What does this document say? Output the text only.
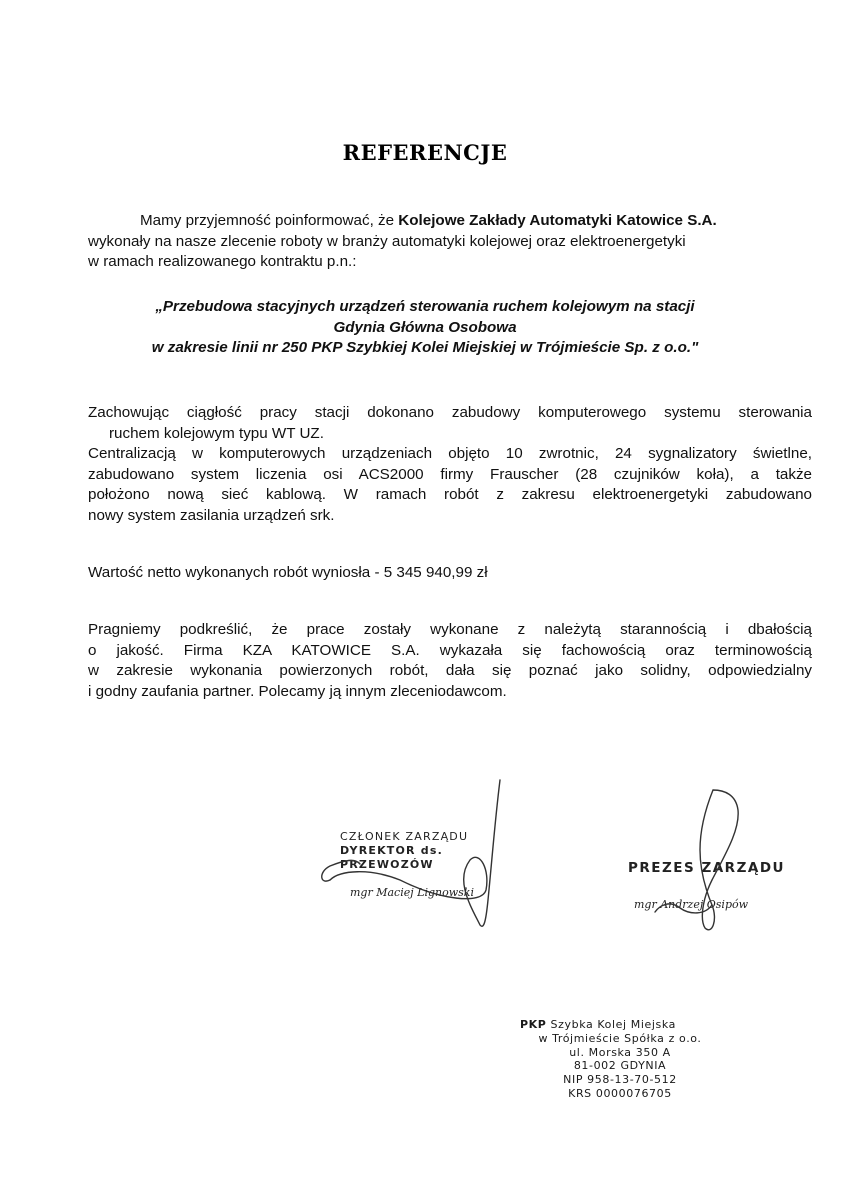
REFERENCJE
Mamy przyjemność poinformować, że Kolejowe Zakłady Automatyki Katowice S.A.
wykonały na nasze zlecenie roboty w branży automatyki kolejowej oraz elektroenergetyki
w ramach realizowanego kontraktu p.n.:
„Przebudowa stacyjnych urządzeń sterowania ruchem kolejowym na stacji
Gdynia Główna Osobowa
w zakresie linii nr 250 PKP Szybkiej Kolei Miejskiej w Trójmieście Sp. z o.o."
Zachowując ciągłość pracy stacji dokonano zabudowy komputerowego systemu sterowania
ruchem kolejowym typu WT UZ.
Centralizacją w komputerowych urządzeniach objęto 10 zwrotnic, 24 sygnalizatory świetlne,
zabudowano system liczenia osi ACS2000 firmy Frauscher (28 czujników koła), a także
położono nową sieć kablową. W ramach robót z zakresu elektroenergetyki zabudowano
nowy system zasilania urządzeń srk.
Wartość netto wykonanych robót wyniosła - 5 345 940,99 zł
Pragniemy podkreślić, że prace zostały wykonane z należytą starannością i dbałością
o jakość. Firma KZA KATOWICE S.A. wykazała się fachowością oraz terminowością
w zakresie wykonania powierzonych robót, dała się poznać jako solidny, odpowiedzialny
i godny zaufania partner. Polecamy ją innym zleceniodawcom.
CZŁONEK ZARZĄDU
DYREKTOR ds. PRZEWOZÓW
mgr Maciej Lignowski
PREZES ZARZĄDU
mgr Andrzej Osipów
PKP Szybka Kolej Miejska
w Trójmieście Spółka z o.o.
ul. Morska 350 A
81-002 GDYNIA
NIP 958-13-70-512
KRS 0000076705
